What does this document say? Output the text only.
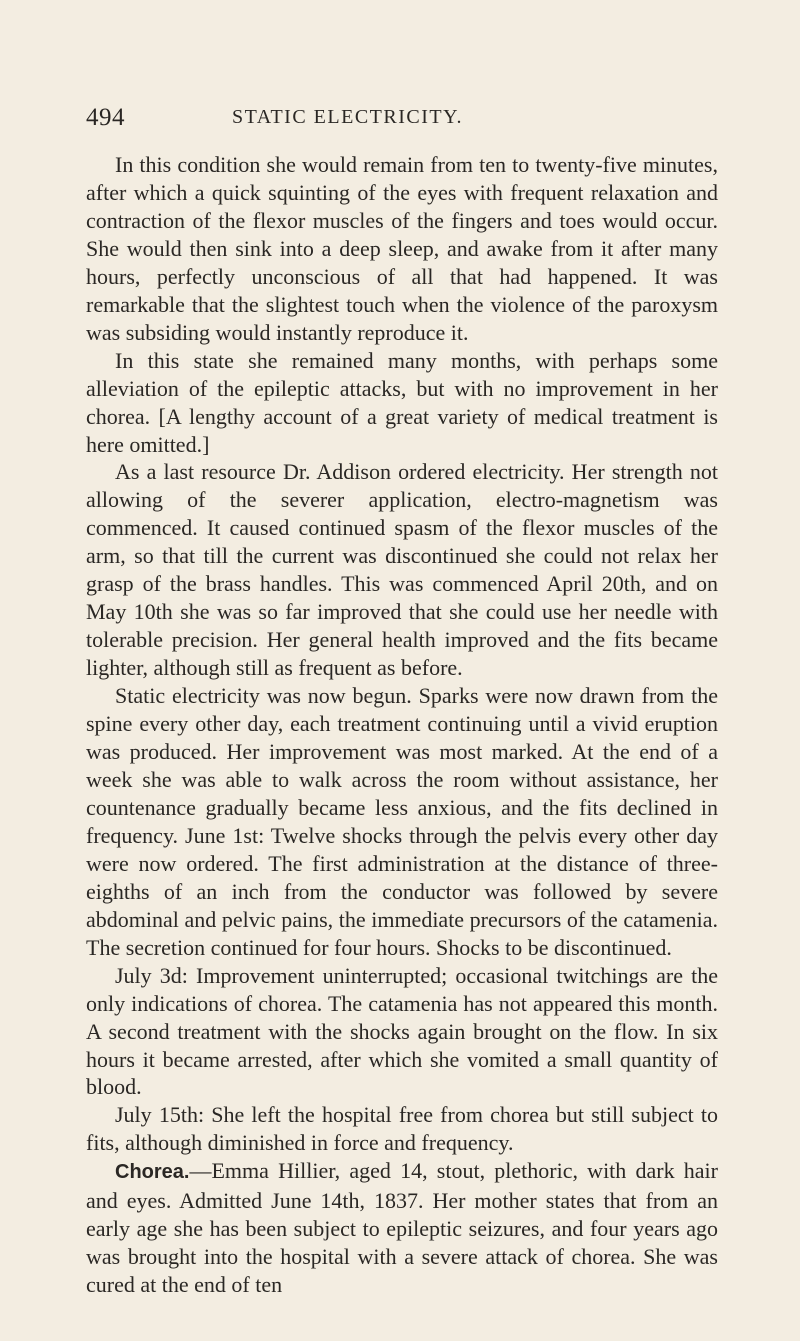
494	STATIC ELECTRICITY.

In this condition she would remain from ten to twenty-five minutes, after which a quick squinting of the eyes with frequent relaxation and contraction of the flexor muscles of the fingers and toes would occur. She would then sink into a deep sleep, and awake from it after many hours, perfectly unconscious of all that had happened. It was remarkable that the slightest touch when the violence of the paroxysm was subsiding would instantly reproduce it.

In this state she remained many months, with perhaps some alleviation of the epileptic attacks, but with no improvement in her chorea. [A lengthy account of a great variety of medical treatment is here omitted.]

As a last resource Dr. Addison ordered electricity. Her strength not allowing of the severer application, electro-magnetism was commenced. It caused continued spasm of the flexor muscles of the arm, so that till the current was discontinued she could not relax her grasp of the brass handles. This was commenced April 20th, and on May 10th she was so far improved that she could use her needle with tolerable precision. Her general health improved and the fits became lighter, although still as frequent as before.

Static electricity was now begun. Sparks were now drawn from the spine every other day, each treatment continuing until a vivid eruption was produced. Her improvement was most marked. At the end of a week she was able to walk across the room without assistance, her countenance gradually became less anxious, and the fits declined in frequency. June 1st: Twelve shocks through the pelvis every other day were now ordered. The first administration at the distance of three-eighths of an inch from the conductor was followed by severe abdominal and pelvic pains, the immediate precursors of the catamenia. The secretion continued for four hours. Shocks to be discontinued.

July 3d: Improvement uninterrupted; occasional twitchings are the only indications of chorea. The catamenia has not appeared this month. A second treatment with the shocks again brought on the flow. In six hours it became arrested, after which she vomited a small quantity of blood.

July 15th: She left the hospital free from chorea but still subject to fits, although diminished in force and frequency.

Chorea.—Emma Hillier, aged 14, stout, plethoric, with dark hair and eyes. Admitted June 14th, 1837. Her mother states that from an early age she has been subject to epileptic seizures, and four years ago was brought into the hospital with a severe attack of chorea. She was cured at the end of ten
